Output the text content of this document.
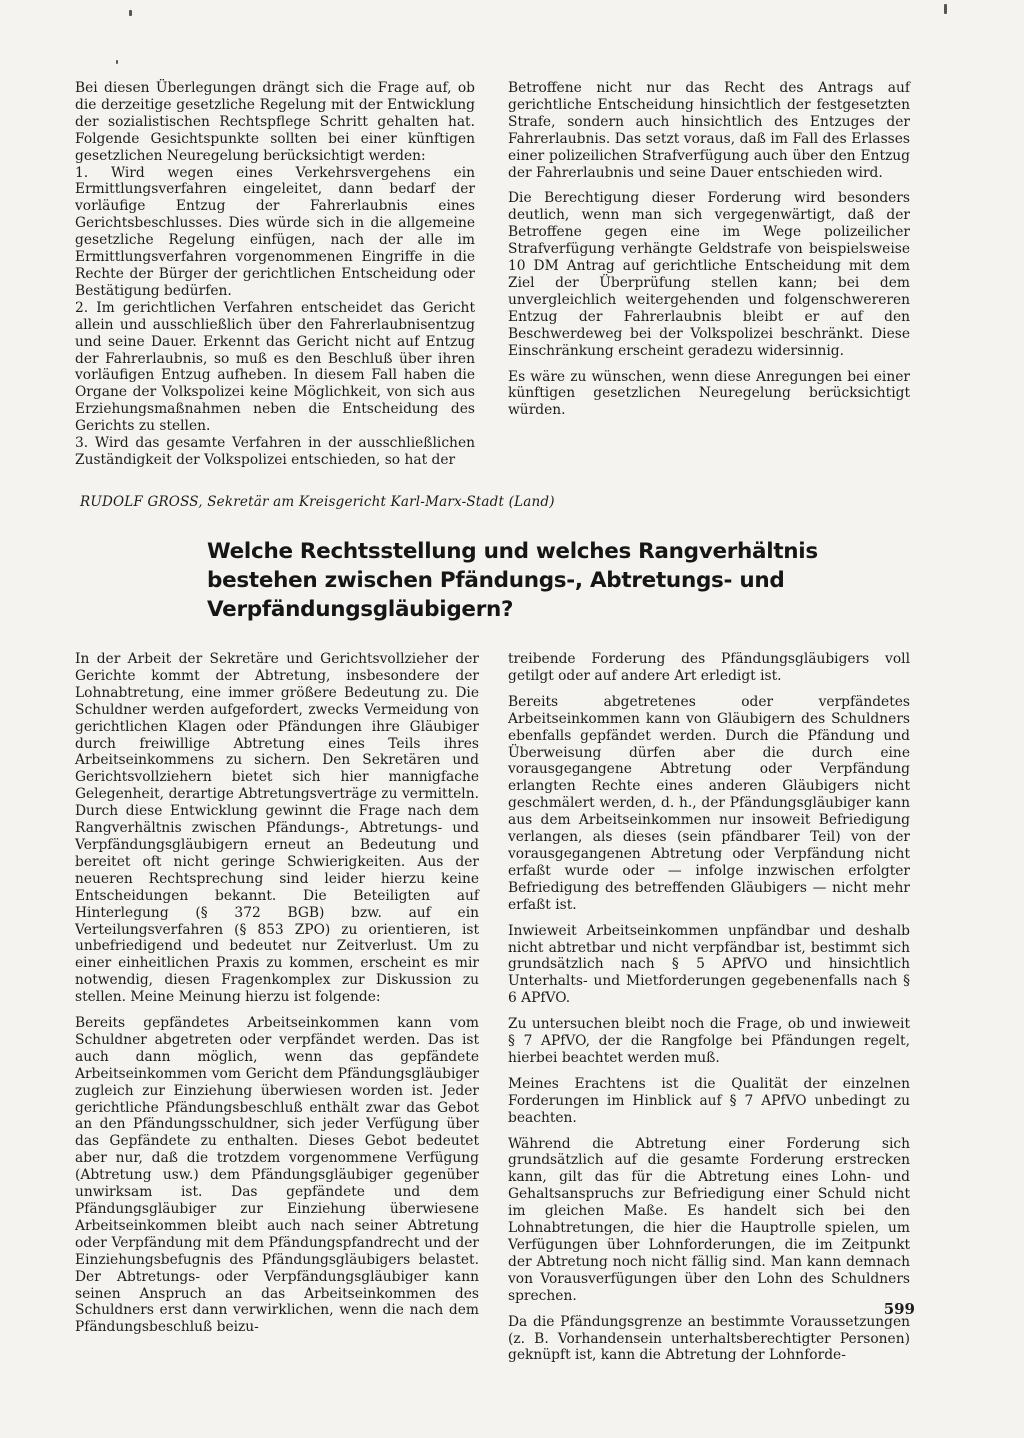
Bei diesen Überlegungen drängt sich die Frage auf, ob die derzeitige gesetzliche Regelung mit der Entwicklung der sozialistischen Rechtspflege Schritt gehalten hat. Folgende Gesichtspunkte sollten bei einer künftigen gesetzlichen Neuregelung berücksichtigt werden:

1. Wird wegen eines Verkehrsvergehens ein Ermittlungsverfahren eingeleitet, dann bedarf der vorläufige Entzug der Fahrerlaubnis eines Gerichtsbeschlusses. Dies würde sich in die allgemeine gesetzliche Regelung einfügen, nach der alle im Ermittlungsverfahren vorgenommenen Eingriffe in die Rechte der Bürger der gerichtlichen Entscheidung oder Bestätigung bedürfen.

2. Im gerichtlichen Verfahren entscheidet das Gericht allein und ausschließlich über den Fahrerlaubnisentzug und seine Dauer. Erkennt das Gericht nicht auf Entzug der Fahrerlaubnis, so muß es den Beschluß über ihren vorläufigen Entzug aufheben. In diesem Fall haben die Organe der Volkspolizei keine Möglichkeit, von sich aus Erziehungsmaßnahmen neben die Entscheidung des Gerichts zu stellen.

3. Wird das gesamte Verfahren in der ausschließlichen Zuständigkeit der Volkspolizei entschieden, so hat der

Betroffene nicht nur das Recht des Antrags auf gerichtliche Entscheidung hinsichtlich der festgesetzten Strafe, sondern auch hinsichtlich des Entzuges der Fahrerlaubnis. Das setzt voraus, daß im Fall des Erlasses einer polizeilichen Strafverfügung auch über den Entzug der Fahrerlaubnis und seine Dauer entschieden wird.

Die Berechtigung dieser Forderung wird besonders deutlich, wenn man sich vergegenwärtigt, daß der Betroffene gegen eine im Wege polizeilicher Strafverfügung verhängte Geldstrafe von beispielsweise 10 DM Antrag auf gerichtliche Entscheidung mit dem Ziel der Überprüfung stellen kann; bei dem unvergleichlich weitergehenden und folgenschwereren Entzug der Fahrerlaubnis bleibt er auf den Beschwerdeweg bei der Volkspolizei beschränkt. Diese Einschränkung erscheint geradezu widersinnig.

Es wäre zu wünschen, wenn diese Anregungen bei einer künftigen gesetzlichen Neuregelung berücksichtigt würden.

RUDOLF GROSS, Sekretär am Kreisgericht Karl-Marx-Stadt (Land)
Welche Rechtsstellung und welches Rangverhältnis bestehen zwischen Pfändungs-, Abtretungs- und Verpfändungsgläubigern?

In der Arbeit der Sekretäre und Gerichtsvollzieher der Gerichte kommt der Abtretung, insbesondere der Lohnabtretung, eine immer größere Bedeutung zu. Die Schuldner werden aufgefordert, zwecks Vermeidung von gerichtlichen Klagen oder Pfändungen ihre Gläubiger durch freiwillige Abtretung eines Teils ihres Arbeitseinkommens zu sichern. Den Sekretären und Gerichtsvollziehern bietet sich hier mannigfache Gelegenheit, derartige Abtretungsverträge zu vermitteln. Durch diese Entwicklung gewinnt die Frage nach dem Rangverhältnis zwischen Pfändungs-, Abtretungs- und Verpfändungsgläubigern erneut an Bedeutung und bereitet oft nicht geringe Schwierigkeiten. Aus der neueren Rechtsprechung sind leider hierzu keine Entscheidungen bekannt. Die Beteiligten auf Hinterlegung (§ 372 BGB) bzw. auf ein Verteilungsverfahren (§ 853 ZPO) zu orientieren, ist unbefriedigend und bedeutet nur Zeitverlust. Um zu einer einheitlichen Praxis zu kommen, erscheint es mir notwendig, diesen Fragenkomplex zur Diskussion zu stellen. Meine Meinung hierzu ist folgende:

Bereits gepfändetes Arbeitseinkommen kann vom Schuldner abgetreten oder verpfändet werden. Das ist auch dann möglich, wenn das gepfändete Arbeitseinkommen vom Gericht dem Pfändungsgläubiger zugleich zur Einziehung überwiesen worden ist. Jeder gerichtliche Pfändungsbeschluß enthält zwar das Gebot an den Pfändungsschuldner, sich jeder Verfügung über das Gepfändete zu enthalten. Dieses Gebot bedeutet aber nur, daß die trotzdem vorgenommene Verfügung (Abtretung usw.) dem Pfändungsgläubiger gegenüber unwirksam ist. Das gepfändete und dem Pfändungsgläubiger zur Einziehung überwiesene Arbeitseinkommen bleibt auch nach seiner Abtretung oder Verpfändung mit dem Pfändungspfandrecht und der Einziehungsbefugnis des Pfändungsgläubigers belastet. Der Abtretungs- oder Verpfändungsgläubiger kann seinen Anspruch an das Arbeitseinkommen des Schuldners erst dann verwirklichen, wenn die nach dem Pfändungsbeschluß beizu-

treibende Forderung des Pfändungsgläubigers voll getilgt oder auf andere Art erledigt ist.

Bereits abgetretenes oder verpfändetes Arbeitseinkommen kann von Gläubigern des Schuldners ebenfalls gepfändet werden. Durch die Pfändung und Überweisung dürfen aber die durch eine vorausgegangene Abtretung oder Verpfändung erlangten Rechte eines anderen Gläubigers nicht geschmälert werden, d. h., der Pfändungsgläubiger kann aus dem Arbeitseinkommen nur insoweit Befriedigung verlangen, als dieses (sein pfändbarer Teil) von der vorausgegangenen Abtretung oder Verpfändung nicht erfaßt wurde oder — infolge inzwischen erfolgter Befriedigung des betreffenden Gläubigers — nicht mehr erfaßt ist.

Inwieweit Arbeitseinkommen unpfändbar und deshalb nicht abtretbar und nicht verpfändbar ist, bestimmt sich grundsätzlich nach § 5 APfVO und hinsichtlich Unterhalts- und Mietforderungen gegebenenfalls nach § 6 APfVO.

Zu untersuchen bleibt noch die Frage, ob und inwieweit § 7 APfVO, der die Rangfolge bei Pfändungen regelt, hierbei beachtet werden muß.

Meines Erachtens ist die Qualität der einzelnen Forderungen im Hinblick auf § 7 APfVO unbedingt zu beachten.

Während die Abtretung einer Forderung sich grundsätzlich auf die gesamte Forderung erstrecken kann, gilt das für die Abtretung eines Lohn- und Gehaltsanspruchs zur Befriedigung einer Schuld nicht im gleichen Maße. Es handelt sich bei den Lohnabtretungen, die hier die Hauptrolle spielen, um Verfügungen über Lohnforderungen, die im Zeitpunkt der Abtretung noch nicht fällig sind. Man kann demnach von Vorausverfügungen über den Lohn des Schuldners sprechen.

Da die Pfändungsgrenze an bestimmte Voraussetzungen (z. B. Vorhandensein unterhaltsberechtigter Personen) geknüpft ist, kann die Abtretung der Lohnforde-

599
